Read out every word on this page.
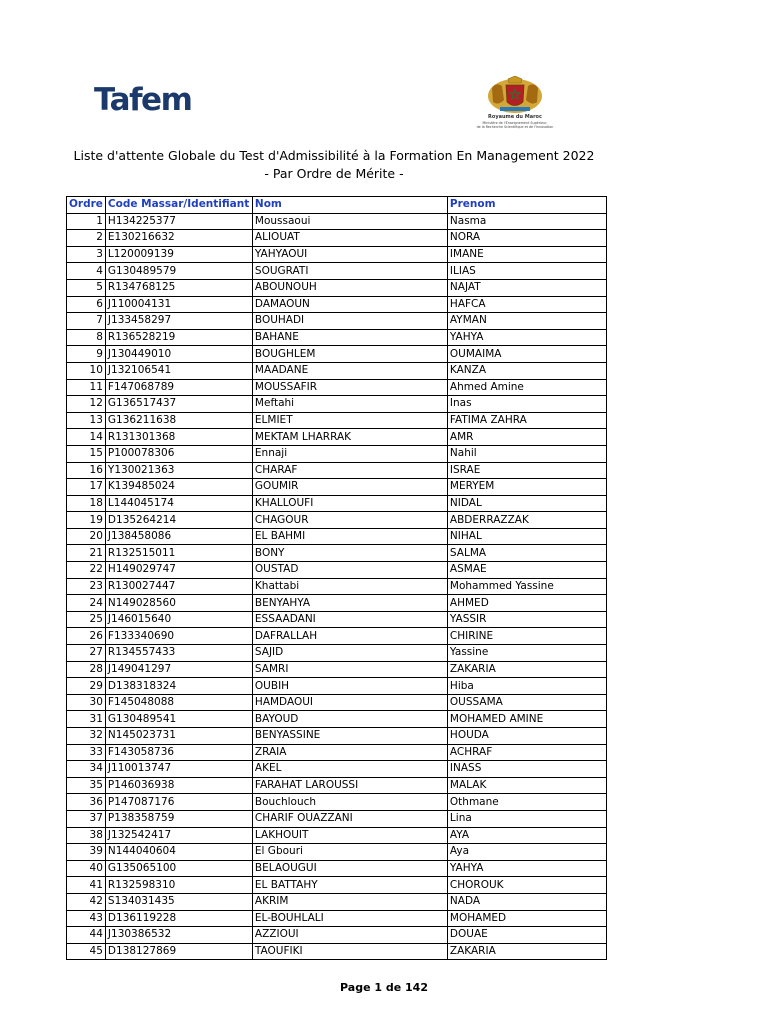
Tafem	Royaume du Maroc
Ministère de l'Enseignement Supérieur,
de la Recherche Scientifique et de l'Innovation
Liste d'attente Globale du Test d'Admissibilité à la Formation En Management 2022
- Par Ordre de Mérite -
Ordre	Code Massar/Identifiant	Nom	Prenom
1	H134225377	Moussaoui	Nasma
2	E130216632	ALIOUAT	NORA
3	L120009139	YAHYAOUI	IMANE
4	G130489579	SOUGRATI	ILIAS
5	R134768125	ABOUNOUH	NAJAT
6	J110004131	DAMAOUN	HAFCA
7	J133458297	BOUHADI	AYMAN
8	R136528219	BAHANE	YAHYA
9	J130449010	BOUGHLEM	OUMAIMA
10	J132106541	MAADANE	KANZA
11	F147068789	MOUSSAFIR	Ahmed Amine
12	G136517437	Meftahi	Inas
13	G136211638	ELMIET	FATIMA ZAHRA
14	R131301368	MEKTAM LHARRAK	AMR
15	P100078306	Ennaji	Nahil
16	Y130021363	CHARAF	ISRAE
17	K139485024	GOUMIR	MERYEM
18	L144045174	KHALLOUFI	NIDAL
19	D135264214	CHAGOUR	ABDERRAZZAK
20	J138458086	EL BAHMI	NIHAL
21	R132515011	BONY	SALMA
22	H149029747	OUSTAD	ASMAE
23	R130027447	Khattabi	Mohammed Yassine
24	N149028560	BENYAHYA	AHMED
25	J146015640	ESSAADANI	YASSIR
26	F133340690	DAFRALLAH	CHIRINE
27	R134557433	SAJID	Yassine
28	J149041297	SAMRI	ZAKARIA
29	D138318324	OUBIH	Hiba
30	F145048088	HAMDAOUI	OUSSAMA
31	G130489541	BAYOUD	MOHAMED AMINE
32	N145023731	BENYASSINE	HOUDA
33	F143058736	ZRAIA	ACHRAF
34	J110013747	AKEL	INASS
35	P146036938	FARAHAT LAROUSSI	MALAK
36	P147087176	Bouchlouch	Othmane
37	P138358759	CHARIF OUAZZANI	Lina
38	J132542417	LAKHOUIT	AYA
39	N144040604	El Gbouri	Aya
40	G135065100	BELAOUGUI	YAHYA
41	R132598310	EL BATTAHY	CHOROUK
42	S134031435	AKRIM	NADA
43	D136119228	EL-BOUHLALI	MOHAMED
44	J130386532	AZZIOUI	DOUAE
45	D138127869	TAOUFIKI	ZAKARIA
Page 1 de 142
